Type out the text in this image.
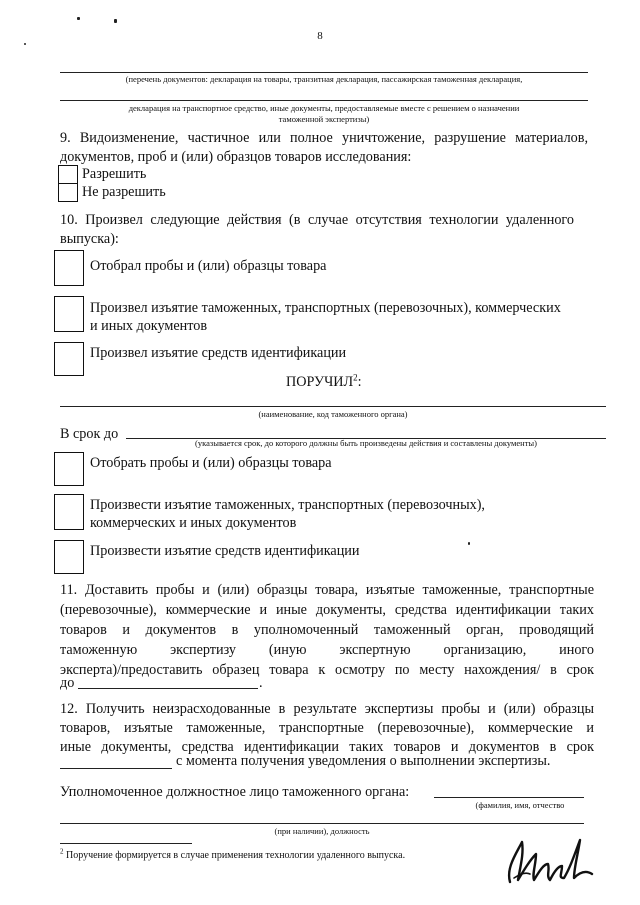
8
(перечень документов: декларация на товары, транзитная декларация, пассажирская таможенная декларация,
декларация на транспортное средство, иные документы, предоставляемые вместе с решением о назначении
таможенной экспертизы)
9. Видоизменение, частичное или полное уничтожение, разрушение материалов,
документов, проб и (или) образцов товаров исследования:
Разрешить
Не разрешить
10. Произвел следующие действия (в случае отсутствия технологии удаленного
выпуска):
Отобрал пробы и (или) образцы товара
Произвел изъятие таможенных, транспортных (перевозочных), коммерческих
и иных документов
Произвел изъятие средств идентификации
ПОРУЧИЛ$^2$:
(наименование, код таможенного органа)
В срок до
(указывается срок, до которого должны быть произведены действия и составлены документы)
Отобрать пробы и (или) образцы товара
Произвести изъятие таможенных, транспортных (перевозочных),
коммерческих и иных документов
Произвести изъятие средств идентификации
11. Доставить пробы и (или) образцы товара, изъятые таможенные, транспортные
(перевозочные), коммерческие и иные документы, средства идентификации таких
товаров и документов в уполномоченный таможенный орган, проводящий
таможенную экспертизу (иную экспертную организацию, иного
эксперта)/предоставить образец товара к осмотру по месту нахождения/ в срок
до	.
12. Получить неизрасходованные в результате экспертизы пробы и (или) образцы
товаров, изъятые таможенные, транспортные (перевозочные), коммерческие и
иные документы, средства идентификации таких товаров и документов в срок
с момента получения уведомления о выполнении экспертизы.
Уполномоченное должностное лицо таможенного органа:
(фамилия, имя, отчество
(при наличии), должность
$^2$ Поручение формируется в случае применения технологии удаленного выпуска.
